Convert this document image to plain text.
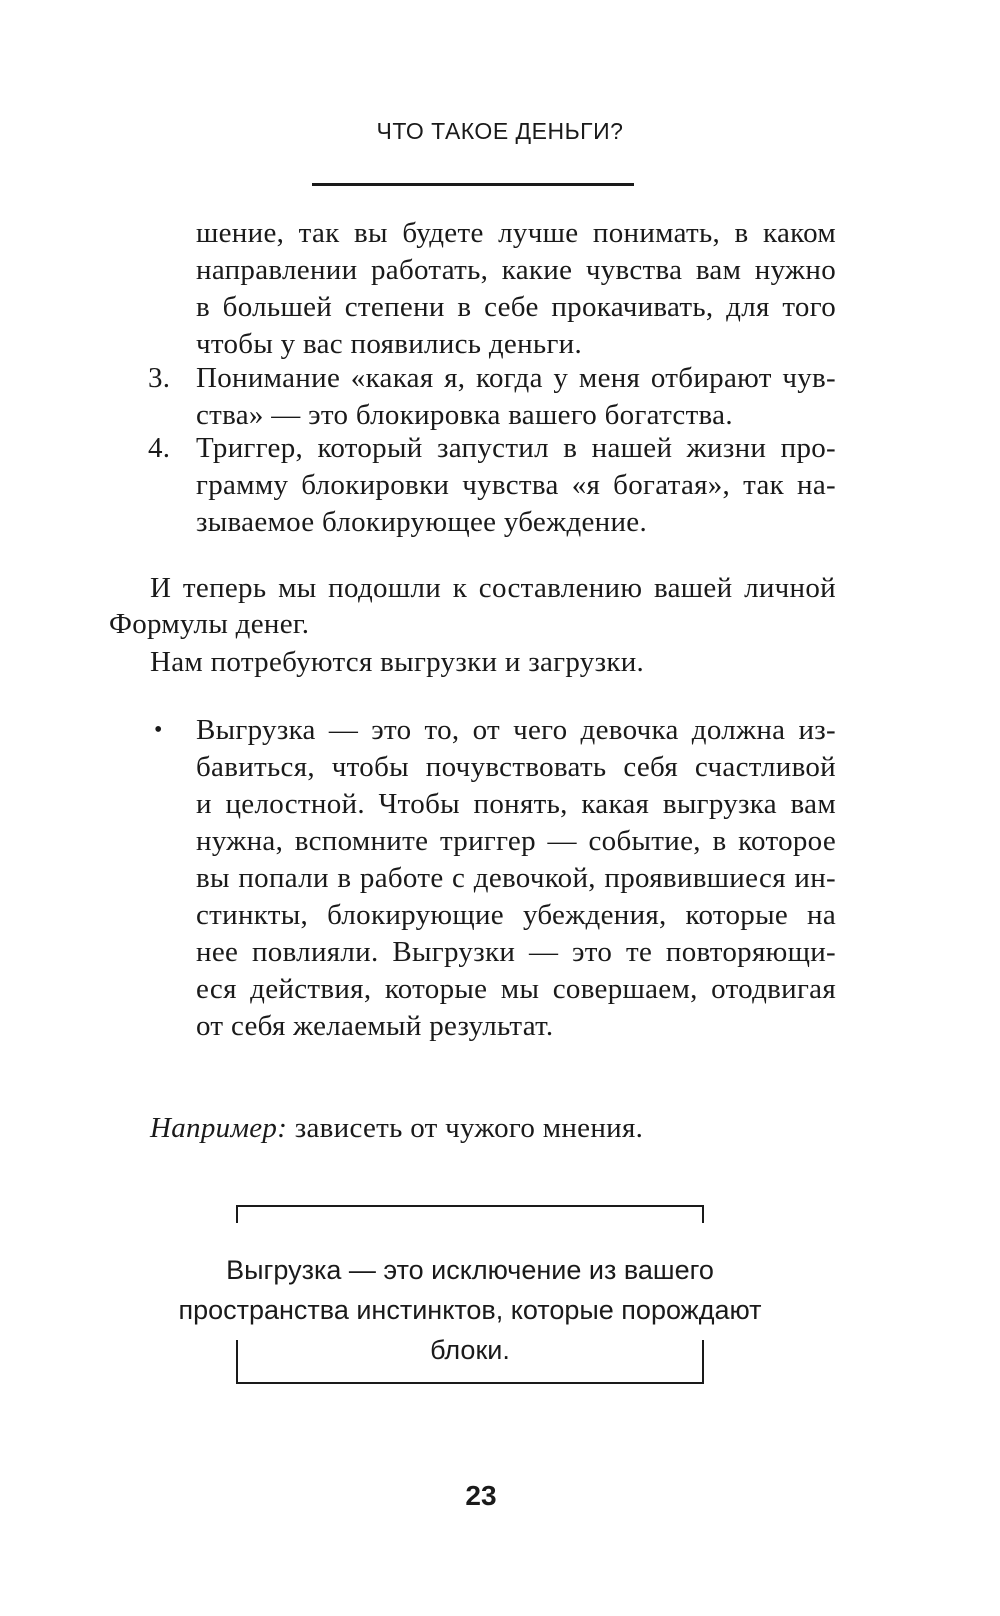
ЧТО ТАКОЕ ДЕНЬГИ?
шение, так вы будете лучше понимать, в каком
направлении работать, какие чувства вам нужно
в большей степени в себе прокачивать, для того
чтобы у вас появились деньги.
3. Понимание «какая я, когда у меня отбирают чув-
ства» — это блокировка вашего богатства.
4. Триггер, который запустил в нашей жизни про-
грамму блокировки чувства «я богатая», так на-
зываемое блокирующее убеждение.
И теперь мы подошли к составлению вашей личной
Формулы денег.
Нам потребуются выгрузки и загрузки.
• Выгрузка — это то, от чего девочка должна из-
бавиться, чтобы почувствовать себя счастливой
и целостной. Чтобы понять, какая выгрузка вам
нужна, вспомните триггер — событие, в которое
вы попали в работе с девочкой, проявившиеся ин-
стинкты, блокирующие убеждения, которые на
нее повлияли. Выгрузки — это те повторяющи-
еся действия, которые мы совершаем, отодвигая
от себя желаемый результат.
Например: зависеть от чужого мнения.
Выгрузка — это исключение из вашего
пространства инстинктов, которые порождают
блоки.
23
